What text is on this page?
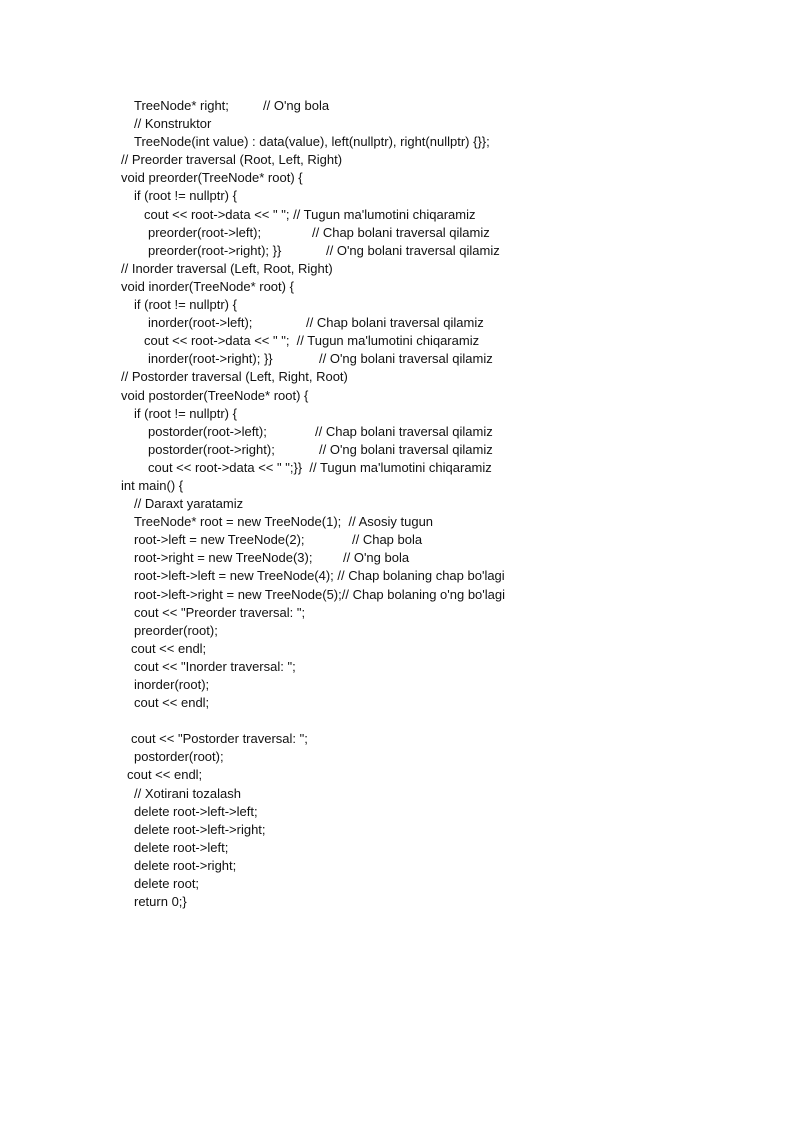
TreeNode* right;	// O'ng bola
// Konstruktor
TreeNode(int value) : data(value), left(nullptr), right(nullptr) {}};
// Preorder traversal (Root, Left, Right)
void preorder(TreeNode* root) {
if (root != nullptr) {
cout << root->data << " "; // Tugun ma'lumotini chiqaramiz
preorder(root->left);	// Chap bolani traversal qilamiz
preorder(root->right); }}	// O'ng bolani traversal qilamiz
// Inorder traversal (Left, Root, Right)
void inorder(TreeNode* root) {
if (root != nullptr) {
inorder(root->left);	// Chap bolani traversal qilamiz
cout << root->data << " ";  // Tugun ma'lumotini chiqaramiz
inorder(root->right); }}	// O'ng bolani traversal qilamiz
// Postorder traversal (Left, Right, Root)
void postorder(TreeNode* root) {
if (root != nullptr) {
postorder(root->left);	// Chap bolani traversal qilamiz
postorder(root->right);	// O'ng bolani traversal qilamiz
cout << root->data << " ";}}  // Tugun ma'lumotini chiqaramiz
int main() {
// Daraxt yaratamiz
TreeNode* root = new TreeNode(1);  // Asosiy tugun
root->left = new TreeNode(2);	// Chap bola
root->right = new TreeNode(3); // O'ng bola
root->left->left = new TreeNode(4); // Chap bolaning chap bo'lagi
root->left->right = new TreeNode(5);// Chap bolaning o'ng bo'lagi
cout << "Preorder traversal: ";
preorder(root);
cout << endl;
cout << "Inorder traversal: ";
inorder(root);
cout << endl;
cout << "Postorder traversal: ";
postorder(root);
cout << endl;
// Xotirani tozalash
delete root->left->left;
delete root->left->right;
delete root->left;
delete root->right;
delete root;
return 0;}
